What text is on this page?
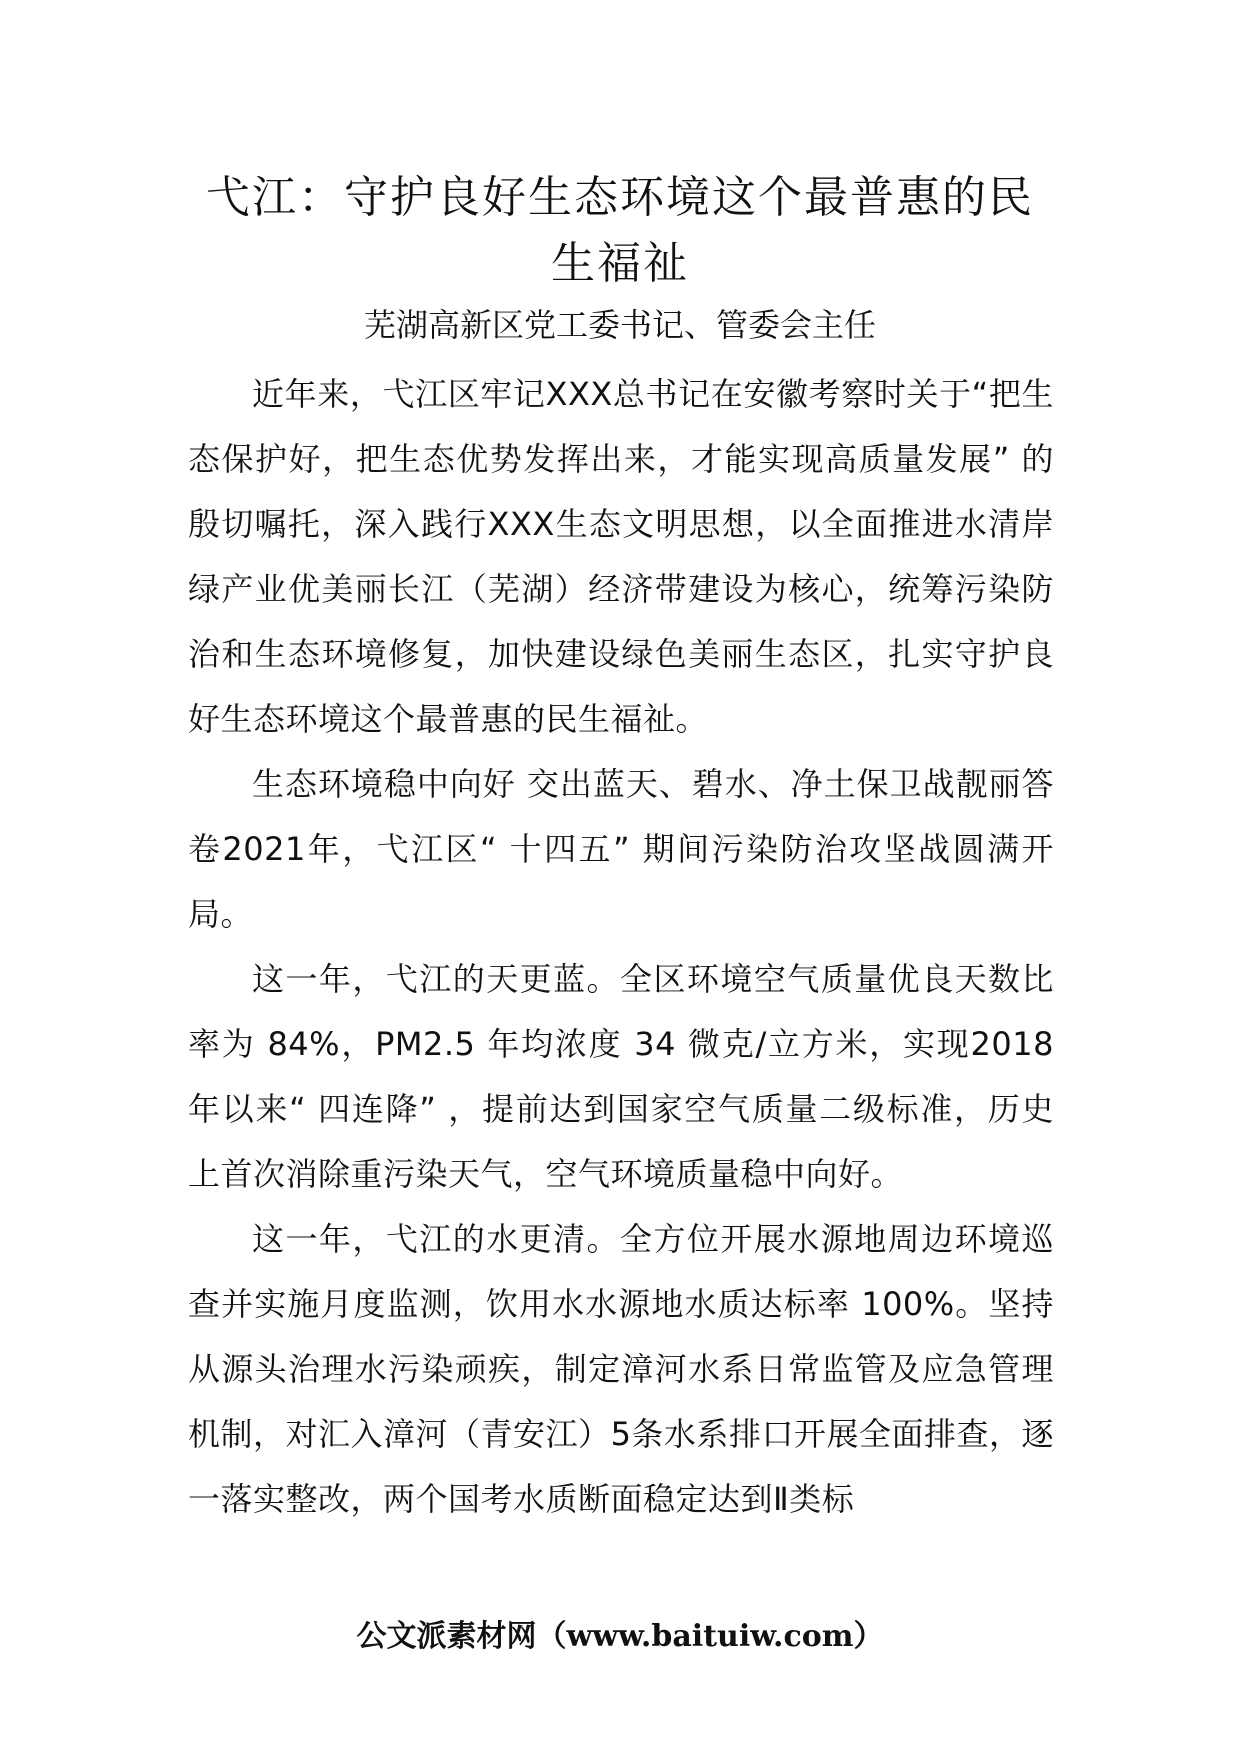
弋江：守护良好生态环境这个最普惠的民生福祉
芜湖高新区党工委书记、管委会主任

近年来，弋江区牢记XXX总书记在安徽考察时关于“把生态保护好，把生态优势发挥出来，才能实现高质量发展” 的殷切嘱托，深入践行XXX生态文明思想，以全面推进水清岸绿产业优美丽长江（芜湖）经济带建设为核心，统筹污染防治和生态环境修复，加快建设绿色美丽生态区，扎实守护良好生态环境这个最普惠的民生福祉。

生态环境稳中向好 交出蓝天、碧水、净土保卫战靓丽答卷2021年，弋江区“ 十四五” 期间污染防治攻坚战圆满开局。

这一年，弋江的天更蓝。全区环境空气质量优良天数比率为 84%，PM2.5 年均浓度 34 微克/立方米，实现2018年以来“ 四连降” ，提前达到国家空气质量二级标准，历史上首次消除重污染天气，空气环境质量稳中向好。

这一年，弋江的水更清。全方位开展水源地周边环境巡查并实施月度监测，饮用水水源地水质达标率 100%。坚持从源头治理水污染顽疾，制定漳河水系日常监管及应急管理机制，对汇入漳河（青安江）5条水系排口开展全面排查，逐一落实整改，两个国考水质断面稳定达到Ⅱ类标

公文派素材网（www.baituiw.com）
